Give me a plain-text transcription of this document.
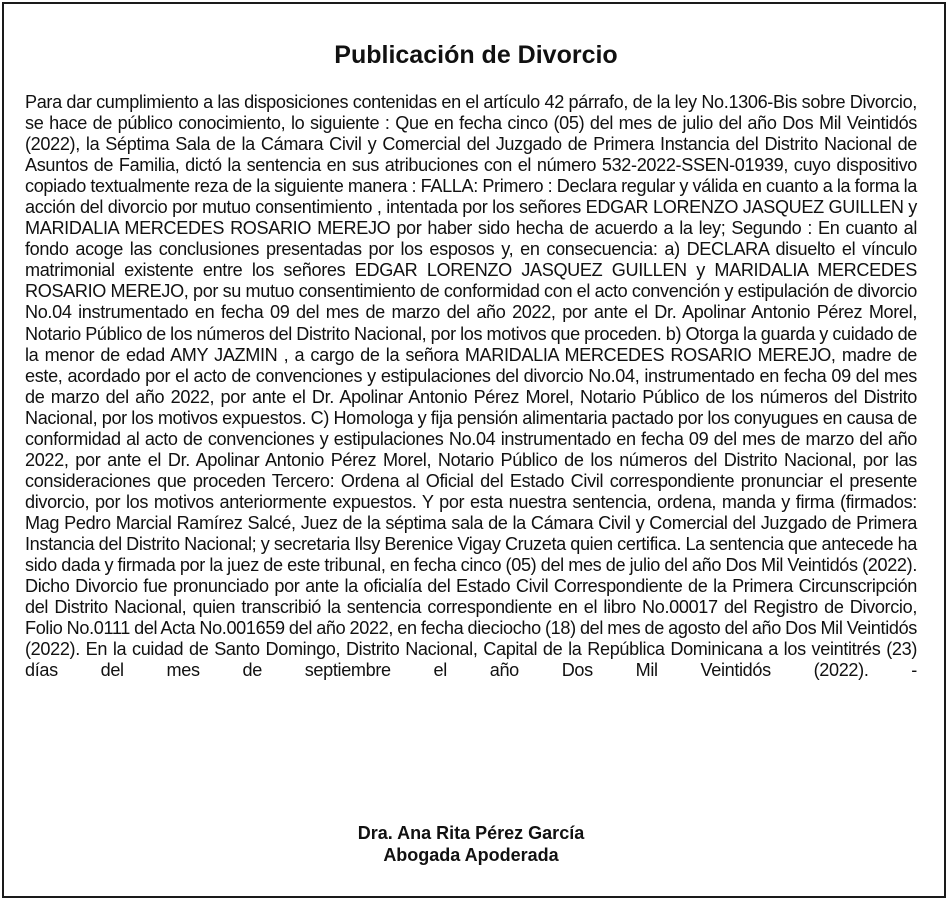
Publicación de Divorcio
Para dar cumplimiento a las disposiciones contenidas en el artículo 42 párrafo, de la ley No.1306-Bis sobre Divorcio, se hace de público conocimiento, lo siguiente : Que en fecha cinco (05) del mes de julio del año Dos Mil Veintidós (2022), la Séptima Sala de la Cámara Civil y Comercial del Juzgado de Primera Instancia del Distrito Nacional de Asuntos de Familia, dictó la sentencia en sus atribuciones con el número 532-2022-SSEN-01939, cuyo dispositivo copiado textualmente reza de la siguiente manera : FALLA: Primero : Declara regular y válida en cuanto a la forma la acción del divorcio por mutuo consentimiento , intentada por los señores EDGAR LORENZO JASQUEZ GUILLEN y MARIDALIA MERCEDES ROSARIO MEREJO por haber sido hecha de acuerdo a la ley; Segundo : En cuanto al fondo acoge las conclusiones presentadas por los esposos y, en consecuencia: a) DECLARA disuelto el vínculo matrimonial existente entre los señores EDGAR LORENZO JASQUEZ GUILLEN y MARIDALIA MERCEDES ROSARIO MEREJO, por su mutuo consentimiento de conformidad con el acto convención y estipulación de divorcio No.04 instrumentado en fecha 09 del mes de marzo del año 2022, por ante el Dr. Apolinar Antonio Pérez Morel, Notario Público de los números del Distrito Nacional, por los motivos que proceden. b) Otorga la guarda y cuidado de la menor de edad AMY JAZMIN , a cargo de la señora MARIDALIA MERCEDES ROSARIO MEREJO, madre de este, acordado por el acto de convenciones y estipulaciones del divorcio No.04, instrumentado en fecha 09 del mes de marzo del año 2022, por ante el Dr. Apolinar Antonio Pérez Morel, Notario Público de los números del Distrito Nacional, por los motivos expuestos. C) Homologa y fija pensión alimentaria pactado por los conyugues en causa de conformidad al acto de convenciones y estipulaciones No.04 instrumentado en fecha 09 del mes de marzo del año 2022, por ante el Dr. Apolinar Antonio Pérez Morel, Notario Público de los números del Distrito Nacional, por las consideraciones que proceden Tercero: Ordena al Oficial del Estado Civil correspondiente pronunciar el presente divorcio, por los motivos anteriormente expuestos. Y por esta nuestra sentencia, ordena, manda y firma (firmados: Mag Pedro Marcial Ramírez Salcé, Juez de la séptima sala de la Cámara Civil y Comercial del Juzgado de Primera Instancia del Distrito Nacional; y secretaria Ilsy Berenice Vigay Cruzeta quien certifica. La sentencia que antecede ha sido dada y firmada por la juez de este tribunal, en fecha cinco (05) del mes de julio del año Dos Mil Veintidós (2022). Dicho Divorcio fue pronunciado por ante la oficialía del Estado Civil Correspondiente de la Primera Circunscripción del Distrito Nacional, quien transcribió la sentencia correspondiente en el libro No.00017 del Registro de Divorcio, Folio No.0111 del Acta No.001659 del año 2022, en fecha dieciocho (18) del mes de agosto del año Dos Mil Veintidós (2022). En la cuidad de Santo Domingo, Distrito Nacional, Capital de la República Dominicana a los veintitrés (23) días del mes de septiembre el año Dos Mil Veintidós (2022). -
Dra. Ana Rita Pérez García
Abogada Apoderada
